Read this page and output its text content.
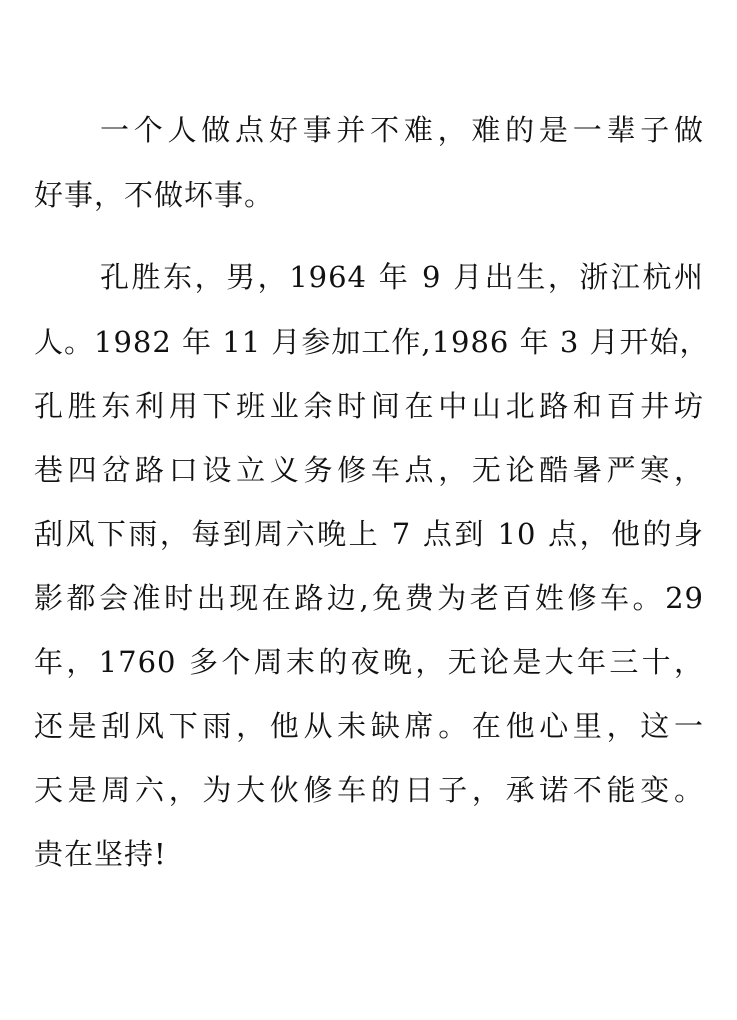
一个人做点好事并不难，难的是一辈子做
好事，不做坏事。
孔胜东，男，1964 年 9 月出生，浙江杭州
人。1982 年 11 月参加工作,1986 年 3 月开始，
孔胜东利用下班业余时间在中山北路和百井坊
巷四岔路口设立义务修车点，无论酷暑严寒，
刮风下雨，每到周六晚上 7 点到 10 点，他的身
影都会准时出现在路边,免费为老百姓修车。29
年，1760 多个周末的夜晚，无论是大年三十，
还是刮风下雨，他从未缺席。在他心里，这一
天是周六，为大伙修车的日子，承诺不能变。
贵在坚持!
